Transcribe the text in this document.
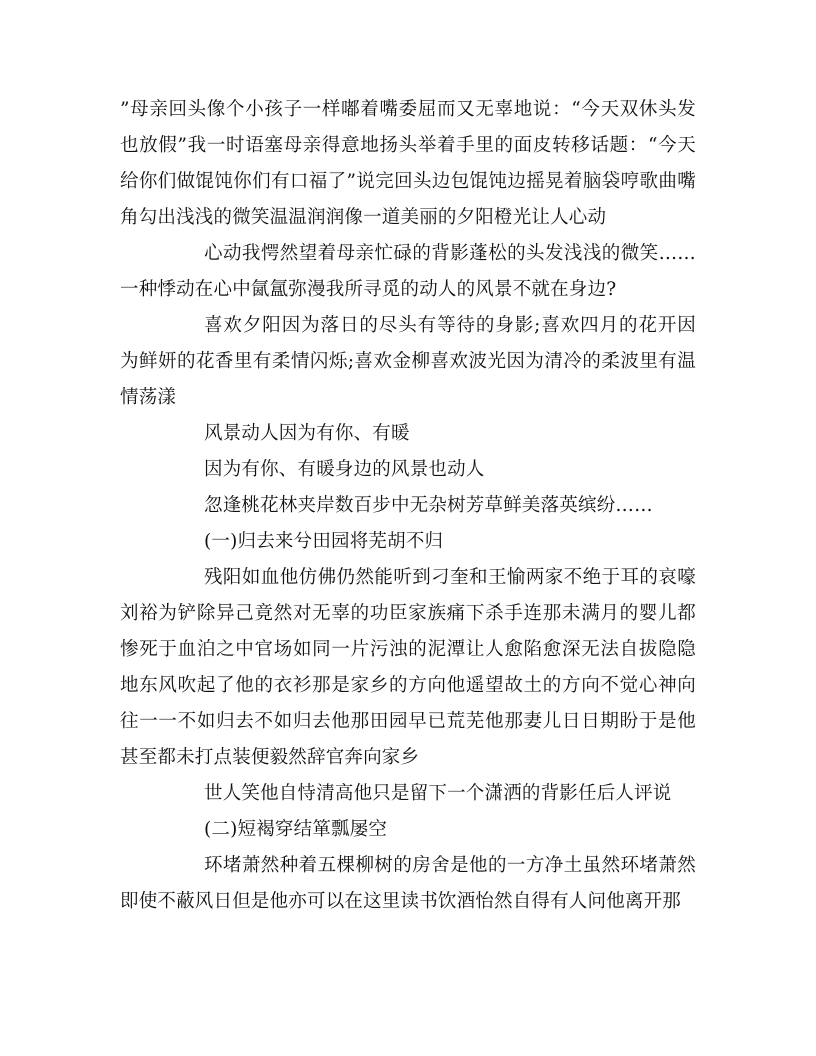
”母亲回头像个小孩子一样嘟着嘴委屈而又无辜地说：“今天双休头发也放假”我一时语塞母亲得意地扬头举着手里的面皮转移话题：“今天给你们做馄饨你们有口福了”说完回头边包馄饨边摇晃着脑袋哼歌曲嘴角勾出浅浅的微笑温温润润像一道美丽的夕阳橙光让人心动

心动我愕然望着母亲忙碌的背影蓬松的头发浅浅的微笑……一种悸动在心中氤氲弥漫我所寻觅的动人的风景不就在身边?

喜欢夕阳因为落日的尽头有等待的身影;喜欢四月的花开因为鲜妍的花香里有柔情闪烁;喜欢金柳喜欢波光因为清冷的柔波里有温情荡漾

风景动人因为有你、有暖

因为有你、有暖身边的风景也动人

忽逢桃花林夹岸数百步中无杂树芳草鲜美落英缤纷……

(一)归去来兮田园将芜胡不归

残阳如血他仿佛仍然能听到刁奎和王愉两家不绝于耳的哀嚎刘裕为铲除异己竟然对无辜的功臣家族痛下杀手连那未满月的婴儿都惨死于血泊之中官场如同一片污浊的泥潭让人愈陷愈深无法自拔隐隐地东风吹起了他的衣衫那是家乡的方向他遥望故土的方向不觉心神向往一一不如归去不如归去他那田园早已荒芜他那妻儿日日期盼于是他甚至都未打点装便毅然辞官奔向家乡

世人笑他自恃清高他只是留下一个潇洒的背影任后人评说

(二)短褐穿结箪瓢屡空

环堵萧然种着五棵柳树的房舍是他的一方净土虽然环堵萧然即使不蔽风日但是他亦可以在这里读书饮酒怡然自得有人问他离开那
